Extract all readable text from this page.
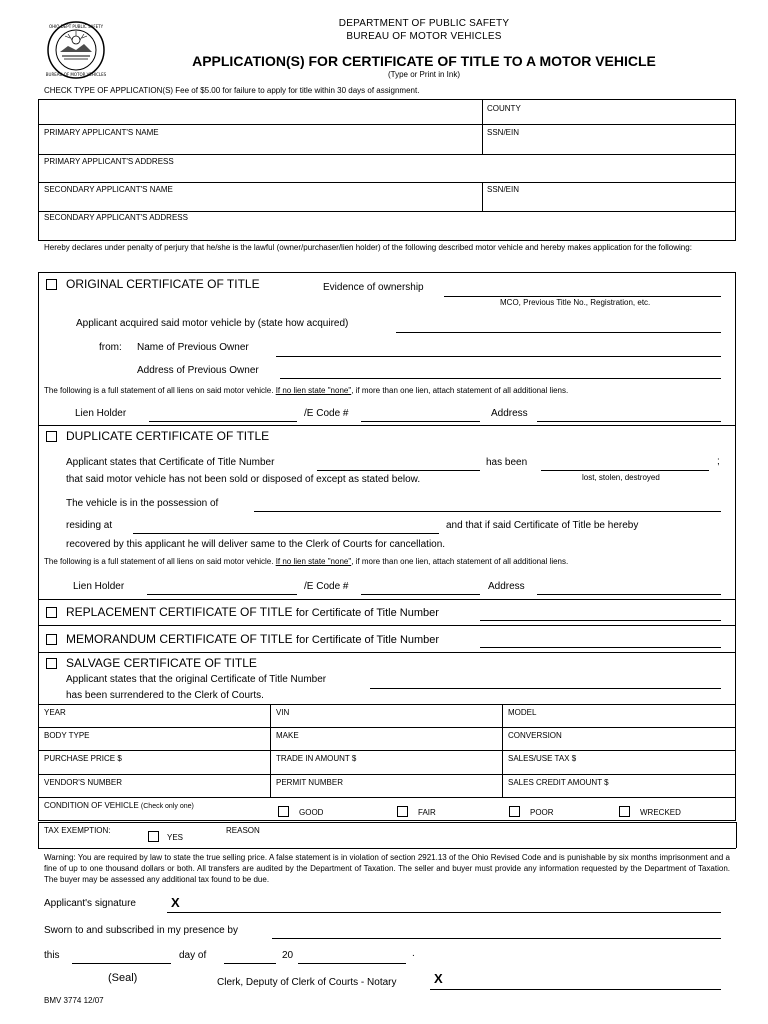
OHIO DEPT PUBLIC SAFETY
BUREAU OF MOTOR VEHICLES
DEPARTMENT OF PUBLIC SAFETY
BUREAU OF MOTOR VEHICLES
APPLICATION(S) FOR CERTIFICATE OF TITLE TO A MOTOR VEHICLE
(Type or Print in Ink)
CHECK TYPE OF APPLICATION(S) Fee of $5.00 for failure to apply for title within 30 days of assignment.
COUNTY
PRIMARY APPLICANT'S NAME	SSN/EIN
PRIMARY APPLICANT'S ADDRESS
SECONDARY APPLICANT'S NAME	SSN/EIN
SECONDARY APPLICANT'S ADDRESS
Hereby declares under penalty of perjury that he/she is the lawful (owner/purchaser/lien holder) of the following described motor vehicle and hereby makes application for the following:
ORIGINAL CERTIFICATE OF TITLE	Evidence of ownership
MCO, Previous Title No., Registration, etc.
Applicant acquired said motor vehicle by (state how acquired)
from: Name of Previous Owner
Address of Previous Owner
The following is a full statement of all liens on said motor vehicle. If no lien state "none", if more than one lien, attach statement of all additional liens.
Lien Holder	/E Code #	Address
DUPLICATE CERTIFICATE OF TITLE
Applicant states that Certificate of Title Number	has been	;
that said motor vehicle has not been sold or disposed of except as stated below.	lost, stolen, destroyed
The vehicle is in the possession of
residing at	and that if said Certificate of Title be hereby
recovered by this applicant he will deliver same to the Clerk of Courts for cancellation.
The following is a full statement of all liens on said motor vehicle. If no lien state "none", if more than one lien, attach statement of all additional liens.
Lien Holder	/E Code #	Address
REPLACEMENT CERTIFICATE OF TITLE for Certificate of Title Number
MEMORANDUM CERTIFICATE OF TITLE for Certificate of Title Number
SALVAGE CERTIFICATE OF TITLE
Applicant states that the original Certificate of Title Number
has been surrendered to the Clerk of Courts.
YEAR	VIN	MODEL
BODY TYPE	MAKE	CONVERSION
PURCHASE PRICE $	TRADE IN AMOUNT $	SALES/USE TAX $
VENDOR'S NUMBER	PERMIT NUMBER	SALES CREDIT AMOUNT $
CONDITION OF VEHICLE (Check only one)
GOOD	FAIR	POOR	WRECKED
TAX EXEMPTION:
YES
REASON
Warning: You are required by law to state the true selling price. A false statement is in violation of section 2921.13 of the Ohio Revised Code and is punishable by six months imprisonment and a fine of up to one thousand dollars or both. All transfers are audited by the Department of Taxation. The seller and buyer must provide any information requested by the Department of Taxation. The buyer may be assessed any additional tax found to be due.
Applicant's signature	X
Sworn to and subscribed in my presence by
this	day of	20	.
(Seal)	Clerk, Deputy of Clerk of Courts - Notary	X
BMV 3774 12/07
